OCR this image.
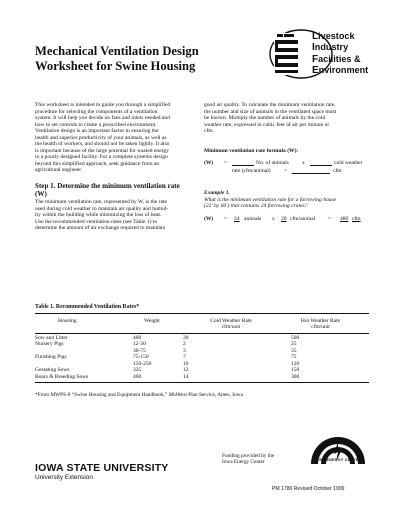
Mechanical Ventilation Design
Worksheet for Swine Housing
Livestock
Industry
Facilities &
Environment
This worksheet is intended to guide you through a simplified
procedure for selecting the components of a ventilation
system. It will help you decide on fans and inlets needed and
how to set controls to create a prescribed environment.
Ventilation design is an important factor in ensuring the
health and superior productivity of your animals, as well as
the health of workers, and should not be taken lightly. It also
is important because of the large potential for wasted energy
in a poorly designed facility. For a complete systems design
beyond this simplified approach, seek guidance from an
agricultural engineer.
Step 1. Determine the minimum ventilation rate
(W)
The minimum ventilation rate, represented by W, is the rate
used during cold weather to maintain air quality and humid-
ity within the building while minimizing the loss of heat.
Use the recommended ventilation rates (see Table 1) to
determine the amount of air exchange required to maintain
good air quality. To calculate the minimum ventilation rate,
the number and size of animals in the ventilated space must
be known. Multiply the number of animals by the cold
weather rate, expressed in cubic feet of air per minute or
cfm.
Minimum ventilation rate formula (W):
(W) =	No. of animals x	cold weather
rate (cfm/animal) =	cfm
Example 1.
What is the minimum ventilation rate for a farrowing house
(22' by 66') that contains 24 farrowing crates?
(W) = 24 animals x 20 cfm/animal = 480 cfm
Table 1. Recommended Ventilation Rates*
Housing	Weight	Cold Weather Rate	Hot Weather Rate
		cfm/unit	cfm/unit
Sow and Litter	400	20	500
Nursery Pigs	12-30	2	25
	30-75	3	35
Finishing Pigs	75-150	7	75
	150-250	10	120
Gestating Sows	325	12	150
Boars & Breeding Sows	400	14	300
*From MWPS-8 “Swine Housing and Equipment Handbook,” MidWest Plan Service, Ames, Iowa
IOWA STATE UNIVERSITY
University Extension
Funding provided by the
Iowa Energy Center	IOWA ENERGY CENTER
PM 1780 Revised October 1999
